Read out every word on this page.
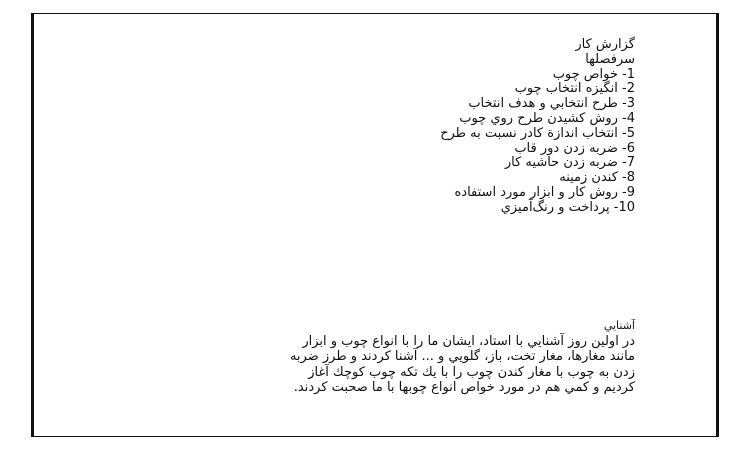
گزارش کار
سرفصلها
1- خواص چوب
2- انگیزه انتخاب چوب
3- طرح انتخابي و هدف انتخاب
4- روش کشيدن طرح روي چوب
5- انتخاب اندازة کادر نسبت به طرح
6- ضربه زدن دور قاب
7- ضربه زدن حاشيه کار
8- کندن زمينه
9- روش کار و ابزار مورد استفاده
10- پرداخت و رنگ‌آميزي
آشنايي
در اولين روز آشنايي با استاد، ايشان ما را با انواع چوب و ابزار
مانند مغارها، مغار تخت، باز، گلويي و ... آشنا کردند و طرز ضربه
زدن به چوب با مغار کندن چوب را با يك تکه چوب کوچك آغاز
کرديم و کمي هم در مورد خواص انواع چوبها با ما صحبت کردند.
